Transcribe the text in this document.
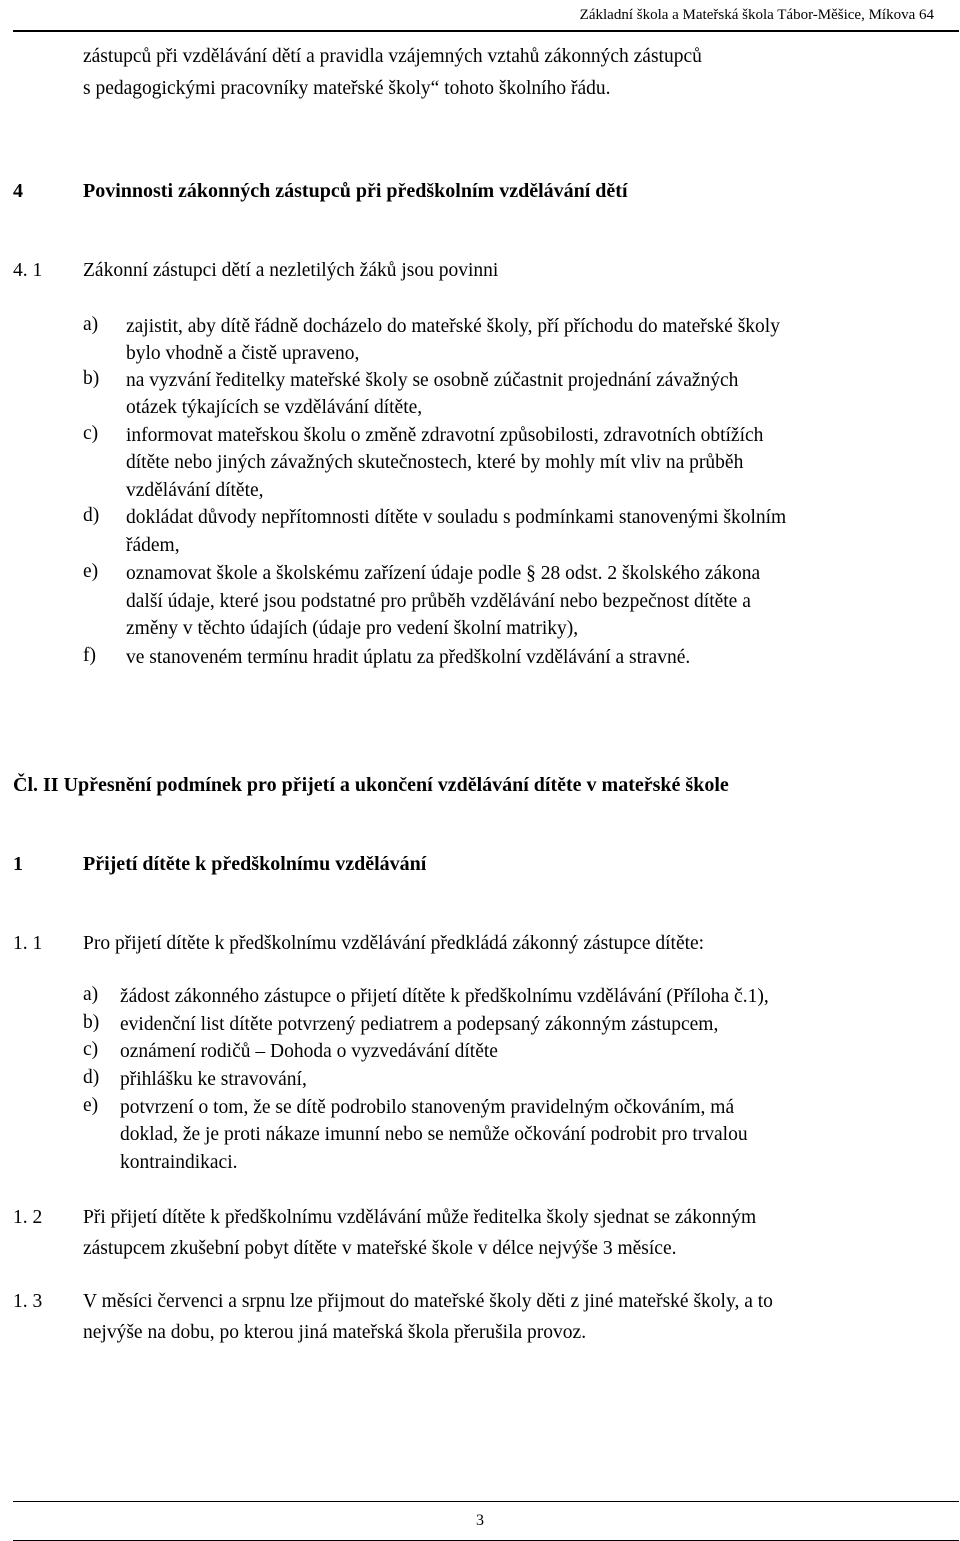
Základní škola a Mateřská škola Tábor-Měšice, Míkova 64
zástupců při vzdělávání dětí a pravidla vzájemných vztahů zákonných zástupců
s pedagogickými pracovníky mateřské školy“ tohoto školního řádu.
4	Povinnosti zákonných zástupců při předškolním vzdělávání dětí
4. 1 Zákonní zástupci dětí a nezletilých žáků jsou povinni
a) zajistit, aby dítě řádně docházelo do mateřské školy, pří příchodu do mateřské školy
bylo vhodně a čistě upraveno,
b) na vyzvání ředitelky mateřské školy se osobně zúčastnit projednání závažných
otázek týkajících se vzdělávání dítěte,
c) informovat mateřskou školu o změně zdravotní způsobilosti, zdravotních obtížích
dítěte nebo jiných závažných skutečnostech, které by mohly mít vliv na průběh
vzdělávání dítěte,
d) dokládat důvody nepřítomnosti dítěte v souladu s podmínkami stanovenými školním
řádem,
e) oznamovat škole a školskému zařízení údaje podle § 28 odst. 2 školského zákona
další údaje, které jsou podstatné pro průběh vzdělávání nebo bezpečnost dítěte a
změny v těchto údajích (údaje pro vedení školní matriky),
f) ve stanoveném termínu hradit úplatu za předškolní vzdělávání a stravné.
Čl. II Upřesnění podmínek pro přijetí a ukončení vzdělávání dítěte v mateřské škole
1	Přijetí dítěte k předškolnímu vzdělávání
1. 1 Pro přijetí dítěte k předškolnímu vzdělávání předkládá zákonný zástupce dítěte:
a) žádost zákonného zástupce o přijetí dítěte k předškolnímu vzdělávání (Příloha č.1),
b) evidenční list dítěte potvrzený pediatrem a podepsaný zákonným zástupcem,
c) oznámení rodičů – Dohoda o vyzvedávání dítěte
d) přihlášku ke stravování,
e) potvrzení o tom, že se dítě podrobilo stanoveným pravidelným očkováním, má
doklad, že je proti nákaze imunní nebo se nemůže očkování podrobit pro trvalou
kontraindikaci.
1. 2 Při přijetí dítěte k předškolnímu vzdělávání může ředitelka školy sjednat se zákonným
zástupcem zkušební pobyt dítěte v mateřské škole v délce nejvýše 3 měsíce.
1. 3 V měsíci červenci a srpnu lze přijmout do mateřské školy děti z jiné mateřské školy, a to
nejvýše na dobu, po kterou jiná mateřská škola přerušila provoz.
3
